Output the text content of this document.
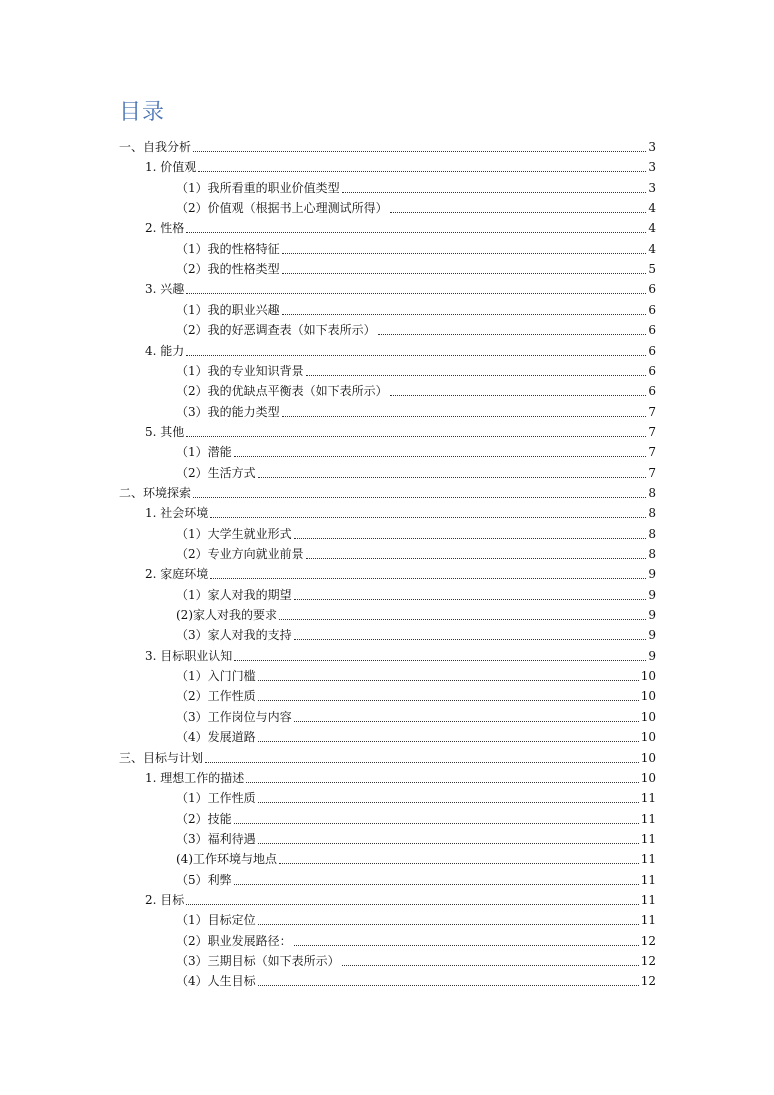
目录
一、自我分析	3
1. 价值观	3
（1）我所看重的职业价值类型	3
（2）价值观（根据书上心理测试所得）	4
2. 性格	4
（1）我的性格特征	4
（2）我的性格类型	5
3. 兴趣	6
（1）我的职业兴趣	6
（2）我的好恶调查表（如下表所示）	6
4. 能力	6
（1）我的专业知识背景	6
（2）我的优缺点平衡表（如下表所示）	6
（3）我的能力类型	7
5. 其他	7
（1）潜能	7
（2）生活方式	7
二、环境探索	8
1. 社会环境	8
（1）大学生就业形式	8
（2）专业方向就业前景	8
2. 家庭环境	9
（1）家人对我的期望	9
(2)家人对我的要求	9
（3）家人对我的支持	9
3. 目标职业认知	9
（1）入门门槛	10
（2）工作性质	10
（3）工作岗位与内容	10
（4）发展道路	10
三、目标与计划	10
1. 理想工作的描述	10
（1）工作性质	11
（2）技能	11
（3）福利待遇	11
(4)工作环境与地点	11
（5）利弊	11
2. 目标	11
（1）目标定位	11
（2）职业发展路径：	12
（3）三期目标（如下表所示）	12
（4）人生目标	12
